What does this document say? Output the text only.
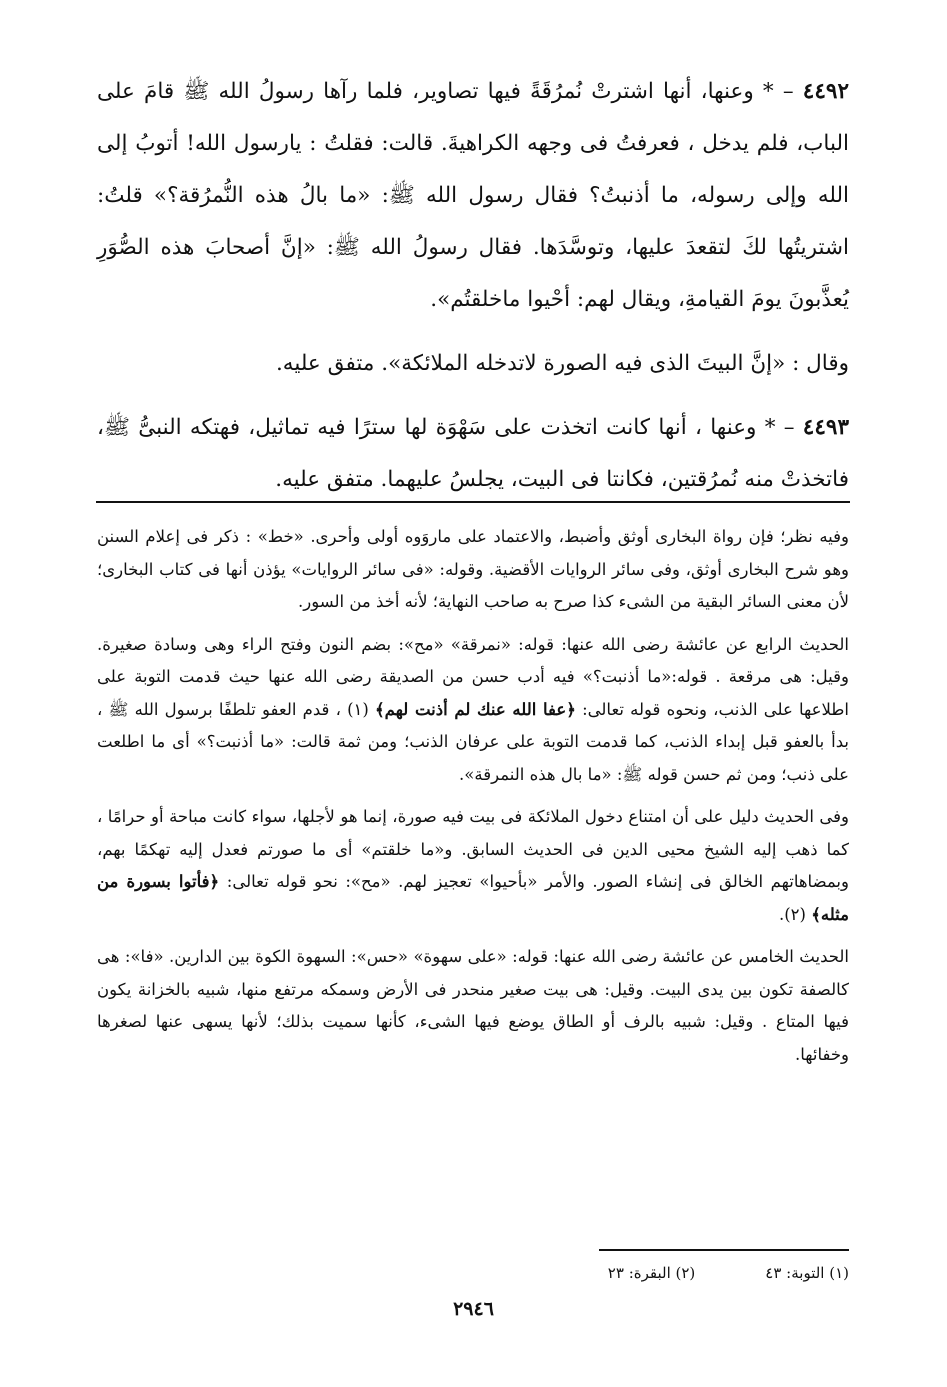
٤٤٩٢ – * وعنها، أنها اشترتْ نُمرُقَةً فيها تصاوير، فلما رآها رسولُ الله ﷺ قامَ على الباب، فلم يدخل ، فعرفتُ فى وجهه الكراهيةَ. قالت: فقلتُ : يارسول الله! أتوبُ إلى الله وإلى رسوله، ما أذنبتُ؟ فقال رسول الله ﷺ: «ما بالُ هذه النُّمرُقة؟» قلتُ: اشتريتُها لكَ لتقعدَ عليها، وتوسَّدَها. فقال رسولُ الله ﷺ: «إنَّ أصحابَ هذه الصُّوَرِ يُعذَّبونَ يومَ القيامةِ، ويقال لهم: أحْيوا ماخلقتُم».

وقال : «إنَّ البيتَ الذى فيه الصورة لاتدخله الملائكة». متفق عليه.

٤٤٩٣ – * وعنها ، أنها كانت اتخذت على سَهْوَة لها سترًا فيه تماثيل، فهتكه النبىُّ ﷺ، فاتخذتْ منه نُمرُقتين، فكانتا فى البيت، يجلسُ عليهما. متفق عليه.

وفيه نظر؛ فإن رواة البخارى أوثق وأضبط، والاعتماد على ماروَوه أولى وأحرى. «خط» : ذكر فى إعلام السنن وهو شرح البخارى أوثق، وفى سائر الروايات الأقضية. وقوله: «فى سائر الروايات» يؤذن أنها فى كتاب البخارى؛ لأن معنى السائر البقية من الشىء كذا صرح به صاحب النهاية؛ لأنه أخذ من السور.

الحديث الرابع عن عائشة رضى الله عنها: قوله: «نمرقة» «مح»: بضم النون وفتح الراء وهى وسادة صغيرة. وقيل: هى مرقعة . قوله:«ما أذنبت؟» فيه أدب حسن من الصديقة رضى الله عنها حيث قدمت التوبة على اطلاعها على الذنب، ونحوه قوله تعالى: ﴿عفا الله عنك لم أذنت لهم﴾ (١) ، قدم العفو تلطفًا برسول الله ﷺ ، بدأ بالعفو قبل إبداء الذنب، كما قدمت التوبة على عرفان الذنب؛ ومن ثمة قالت: «ما أذنبت؟» أى ما اطلعت على ذنب؛ ومن ثم حسن قوله ﷺ: «ما بال هذه النمرقة».

وفى الحديث دليل على أن امتناع دخول الملائكة فى بيت فيه صورة، إنما هو لأجلها، سواء كانت مباحة أو حرامًا ، كما ذهب إليه الشيخ محيى الدين فى الحديث السابق. و«ما خلقتم» أى ما صورتم فعدل إليه تهكمًا بهم، وبمضاهاتهم الخالق فى إنشاء الصور. والأمر «بأحيوا» تعجيز لهم. «مح»: نحو قوله تعالى: ﴿فأتوا بسورة من مثله﴾ (٢).

الحديث الخامس عن عائشة رضى الله عنها: قوله: «على سهوة» «حس»: السهوة الكوة بين الدارين. «فا»: هى كالصفة تكون بين يدى البيت. وقيل: هى بيت صغير منحدر فى الأرض وسمكه مرتفع منها، شبيه بالخزانة يكون فيها المتاع . وقيل: شبيه بالرف أو الطاق يوضع فيها الشىء، كأنها سميت بذلك؛ لأنها يسهى عنها لصغرها وخفائها.

(١) التوبة: ٤٣(٢) البقرة: ٢٣
٢٩٤٦
